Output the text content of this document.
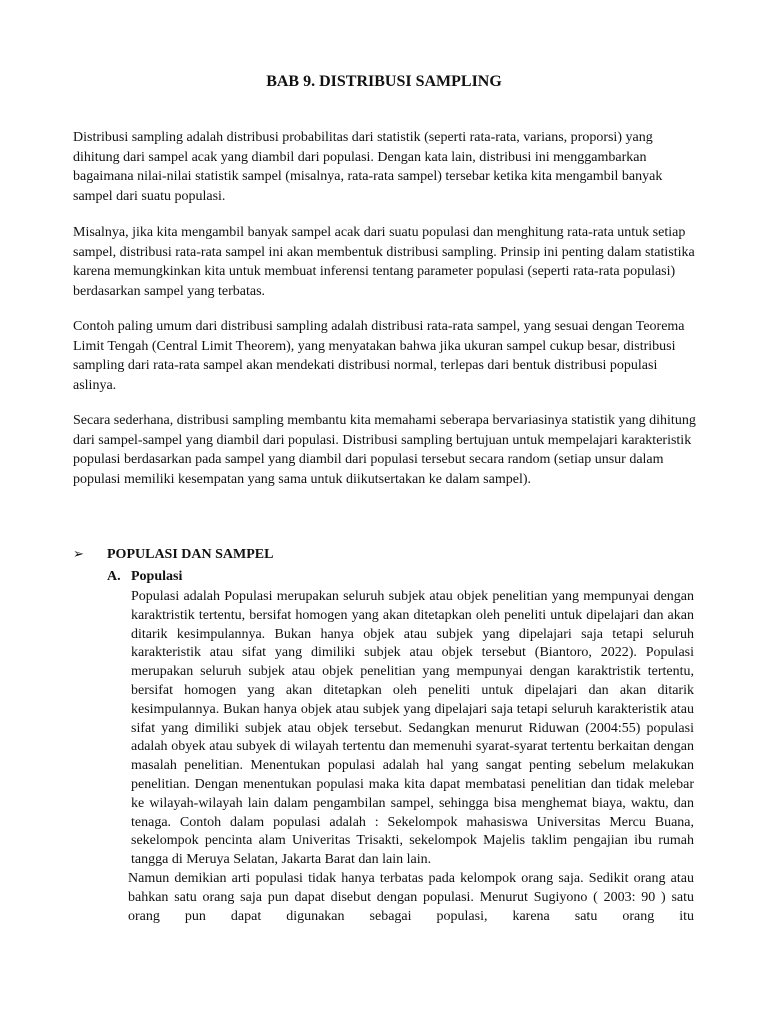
BAB 9. DISTRIBUSI SAMPLING

Distribusi sampling adalah distribusi probabilitas dari statistik (seperti rata-rata, varians, proporsi) yang dihitung dari sampel acak yang diambil dari populasi. Dengan kata lain, distribusi ini menggambarkan bagaimana nilai-nilai statistik sampel (misalnya, rata-rata sampel) tersebar ketika kita mengambil banyak sampel dari suatu populasi.

Misalnya, jika kita mengambil banyak sampel acak dari suatu populasi dan menghitung rata-rata untuk setiap sampel, distribusi rata-rata sampel ini akan membentuk distribusi sampling. Prinsip ini penting dalam statistika karena memungkinkan kita untuk membuat inferensi tentang parameter populasi (seperti rata-rata populasi) berdasarkan sampel yang terbatas.

Contoh paling umum dari distribusi sampling adalah distribusi rata-rata sampel, yang sesuai dengan Teorema Limit Tengah (Central Limit Theorem), yang menyatakan bahwa jika ukuran sampel cukup besar, distribusi sampling dari rata-rata sampel akan mendekati distribusi normal, terlepas dari bentuk distribusi populasi aslinya.

Secara sederhana, distribusi sampling membantu kita memahami seberapa bervariasinya statistik yang dihitung dari sampel-sampel yang diambil dari populasi. Distribusi sampling bertujuan untuk mempelajari karakteristik populasi berdasarkan pada sampel yang diambil dari populasi tersebut secara random (setiap unsur dalam populasi memiliki kesempatan yang sama untuk diikutsertakan ke dalam sampel).

➢ POPULASI DAN SAMPEL
A. Populasi

Populasi adalah Populasi merupakan seluruh subjek atau objek penelitian yang mempunyai dengan karaktristik tertentu, bersifat homogen yang akan ditetapkan oleh peneliti untuk dipelajari dan akan ditarik kesimpulannya. Bukan hanya objek atau subjek yang dipelajari saja tetapi seluruh karakteristik atau sifat yang dimiliki subjek atau objek tersebut (Biantoro, 2022). Populasi merupakan seluruh subjek atau objek penelitian yang mempunyai dengan karaktristik tertentu, bersifat homogen yang akan ditetapkan oleh peneliti untuk dipelajari dan akan ditarik kesimpulannya. Bukan hanya objek atau subjek yang dipelajari saja tetapi seluruh karakteristik atau sifat yang dimiliki subjek atau objek tersebut. Sedangkan menurut Riduwan (2004:55) populasi adalah obyek atau subyek di wilayah tertentu dan memenuhi syarat-syarat tertentu berkaitan dengan masalah penelitian. Menentukan populasi adalah hal yang sangat penting sebelum melakukan penelitian. Dengan menentukan populasi maka kita dapat membatasi penelitian dan tidak melebar ke wilayah-wilayah lain dalam pengambilan sampel, sehingga bisa menghemat biaya, waktu, dan tenaga. Contoh dalam populasi adalah : Sekelompok mahasiswa Universitas Mercu Buana, sekelompok pencinta alam Univeritas Trisakti, sekelompok Majelis taklim pengajian ibu rumah tangga di Meruya Selatan, Jakarta Barat dan lain lain.

Namun demikian arti populasi tidak hanya terbatas pada kelompok orang saja. Sedikit orang atau bahkan satu orang saja pun dapat disebut dengan populasi. Menurut Sugiyono ( 2003: 90 ) satu orang pun dapat digunakan sebagai populasi, karena satu orang itu
